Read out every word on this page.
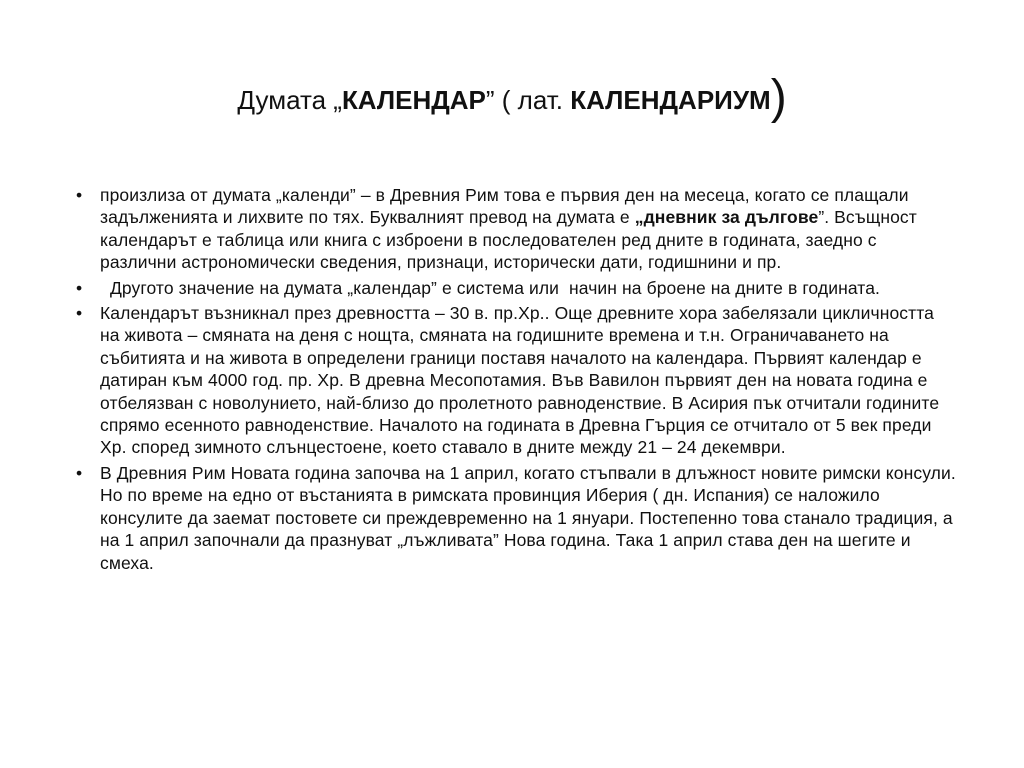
Думата „КАЛЕНДАР” ( лат. КАЛЕНДАРИУМ)
• произлиза от думата „календи” – в Древния Рим това е първия ден на месеца, когато се плащали задълженията и лихвите по тях. Буквалният превод на думата е „дневник за дългове”. Всъщност календарът е таблица или книга с изброени в последователен ред дните в годината, заедно с различни астрономически сведения, признаци, исторически дати, годишнини и пр.
• Другото значение на думата „календар” е система или  начин на броене на дните в годината.
• Календарът възникнал през древността – 30 в. пр.Хр.. Още древните хора забелязали цикличността на живота – смяната на деня с нощта, смяната на годишните времена и т.н. Ограничаването на събитията и на живота в определени граници поставя началото на календара. Първият календар е датиран към 4000 год. пр. Хр. В древна Месопотамия. Във Вавилон първият ден на новата година е отбелязван с новолунието, най-близо до пролетното равноденствие. В Асирия пък отчитали годините спрямо есенното равноденствие. Началото на годината в Древна Гърция се отчитало от 5 век преди Хр. според зимното слънцестоене, което ставало в дните между 21 – 24 декември.
• В Древния Рим Новата година започва на 1 април, когато стъпвали в длъжност новите римски консули. Но по време на едно от въстанията в римската провинция Иберия ( дн. Испания) се наложило консулите да заемат постовете си преждевременно на 1 януари. Постепенно това станало традиция, а на 1 април започнали да празнуват „лъжливата” Нова година. Така 1 април става ден на шегите и смеха.
